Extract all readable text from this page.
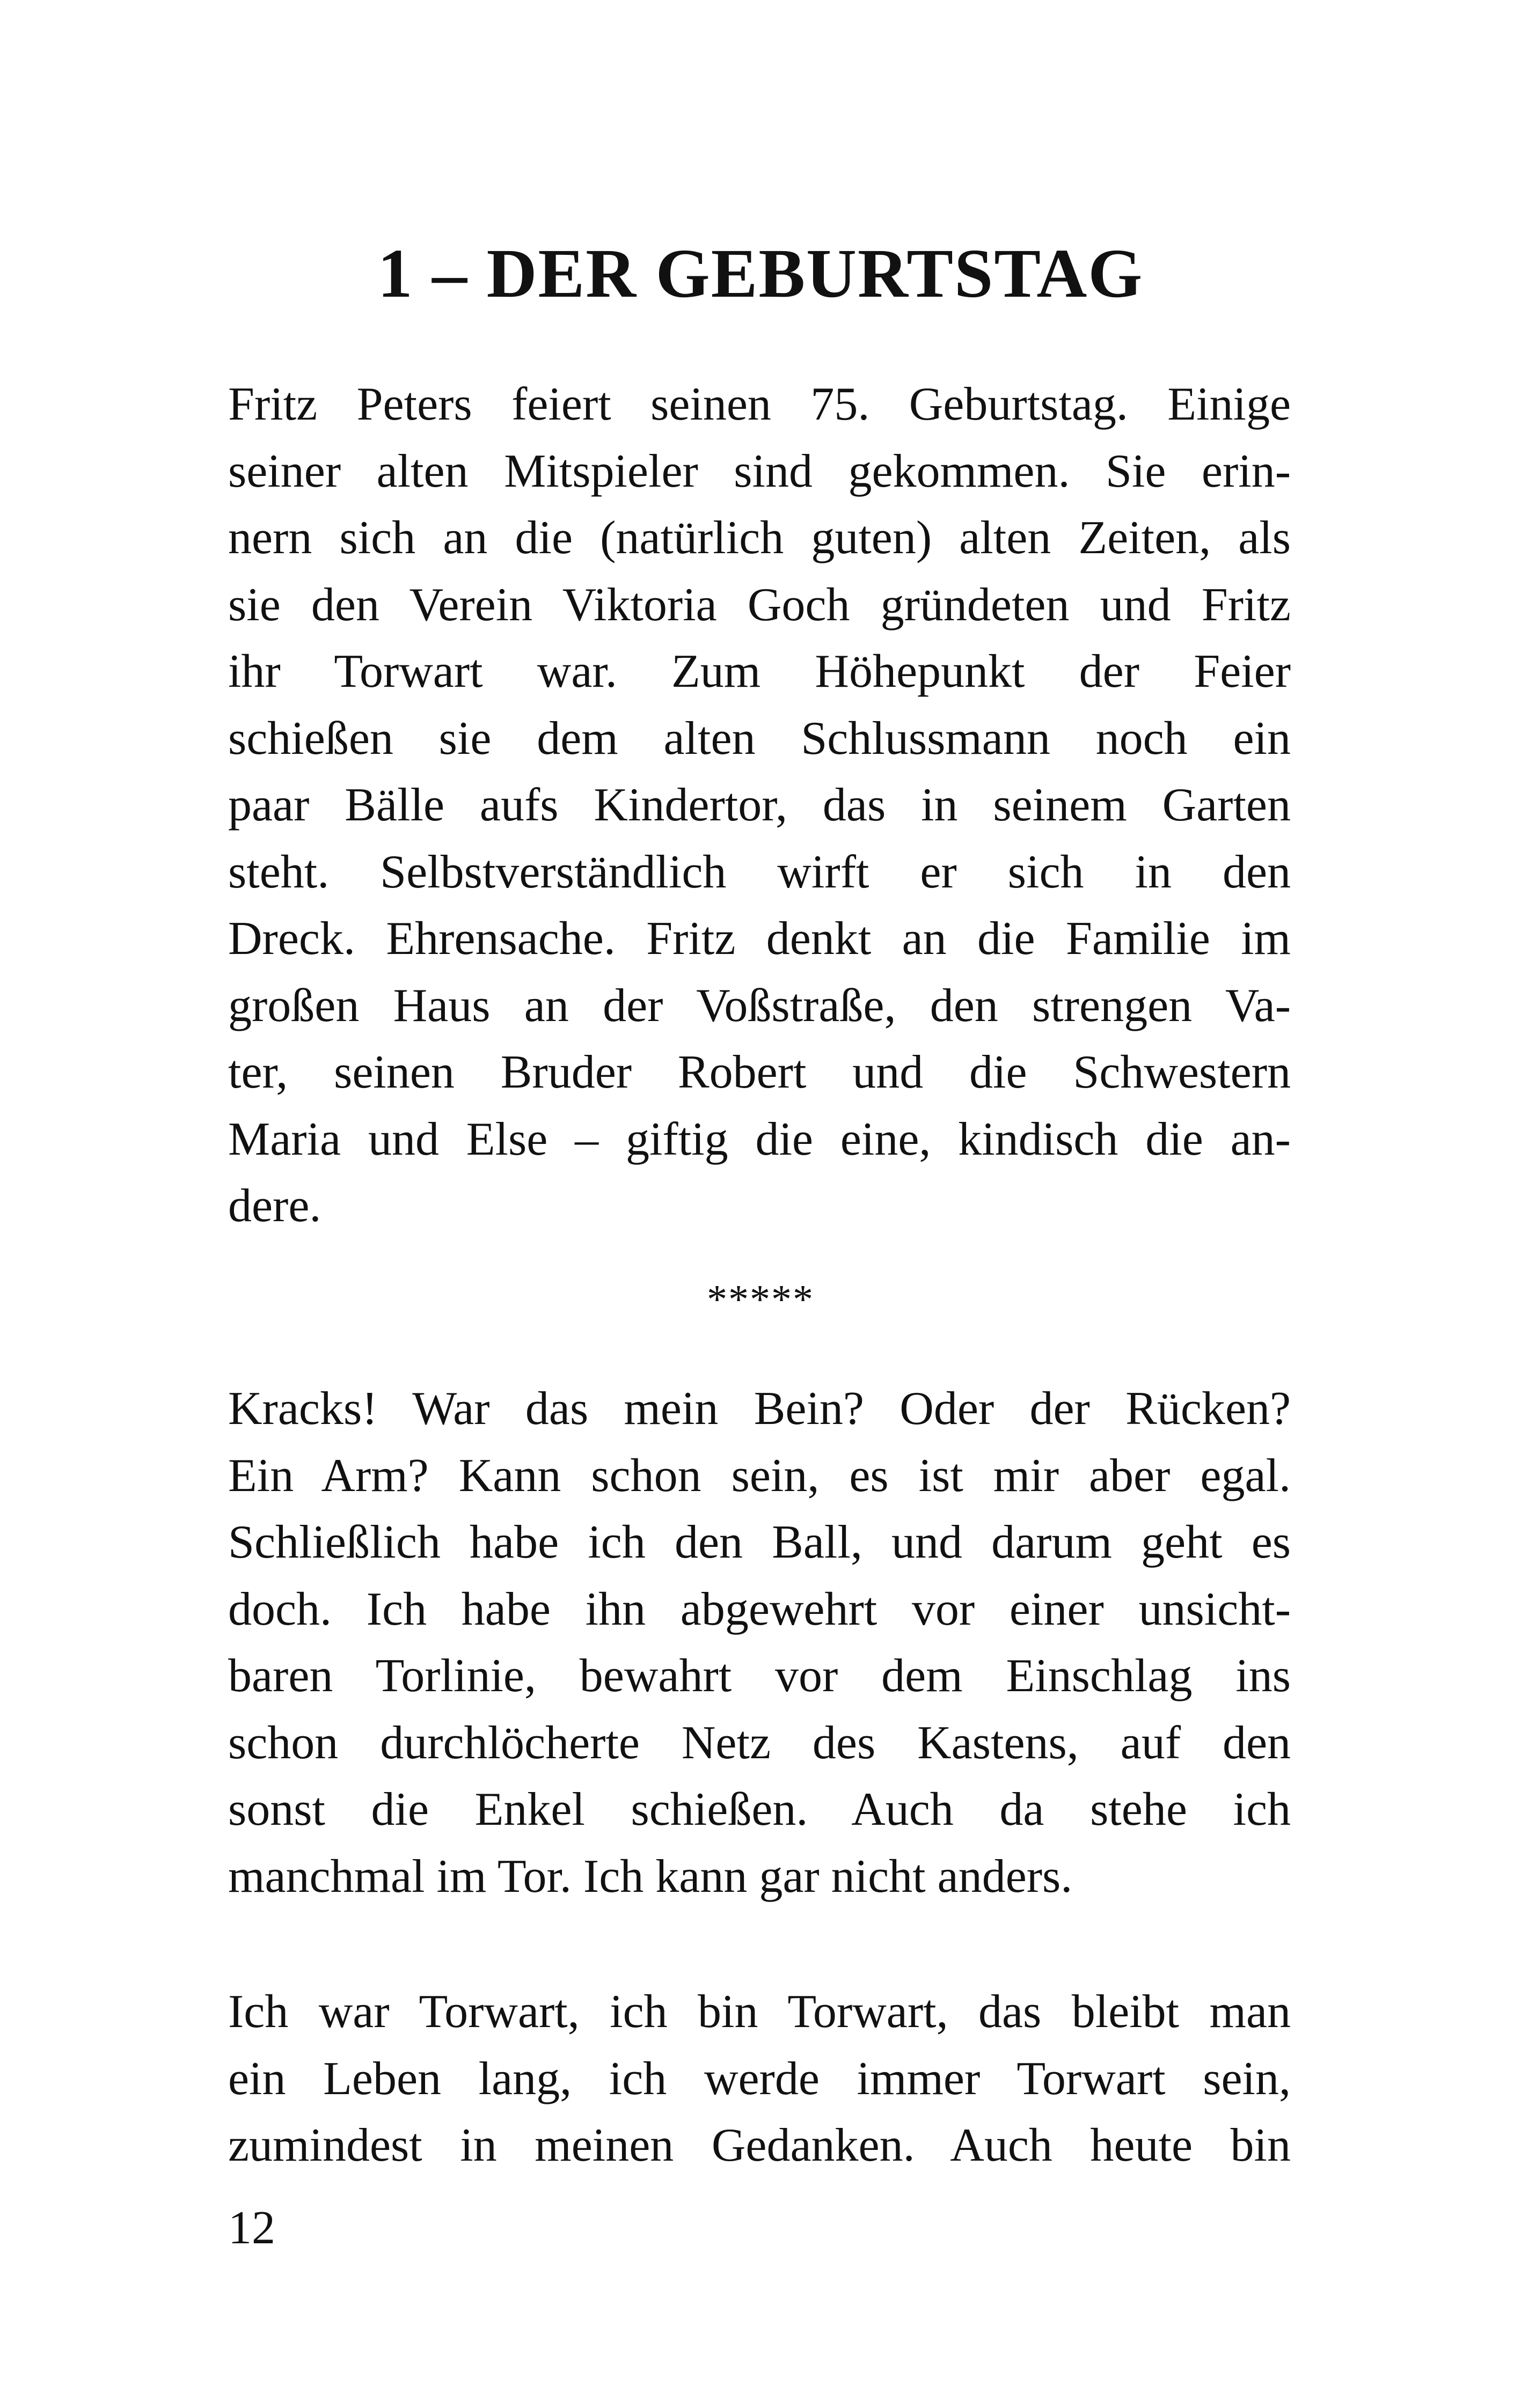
1 – DER GEBURTSTAG
Fritz Peters feiert seinen 75. Geburtstag. Einige
seiner alten Mitspieler sind gekommen. Sie erin-
nern sich an die (natürlich guten) alten Zeiten, als
sie den Verein Viktoria Goch gründeten und Fritz
ihr Torwart war. Zum Höhepunkt der Feier
schießen sie dem alten Schlussmann noch ein
paar Bälle aufs Kindertor, das in seinem Garten
steht. Selbstverständlich wirft er sich in den
Dreck. Ehrensache. Fritz denkt an die Familie im
großen Haus an der Voßstraße, den strengen Va-
ter, seinen Bruder Robert und die Schwestern
Maria und Else – giftig die eine, kindisch die an-
dere.
*****
Kracks! War das mein Bein? Oder der Rücken?
Ein Arm? Kann schon sein, es ist mir aber egal.
Schließlich habe ich den Ball, und darum geht es
doch. Ich habe ihn abgewehrt vor einer unsicht-
baren Torlinie, bewahrt vor dem Einschlag ins
schon durchlöcherte Netz des Kastens, auf den
sonst die Enkel schießen. Auch da stehe ich
manchmal im Tor. Ich kann gar nicht anders.
Ich war Torwart, ich bin Torwart, das bleibt man
ein Leben lang, ich werde immer Torwart sein,
zumindest in meinen Gedanken. Auch heute bin
12
